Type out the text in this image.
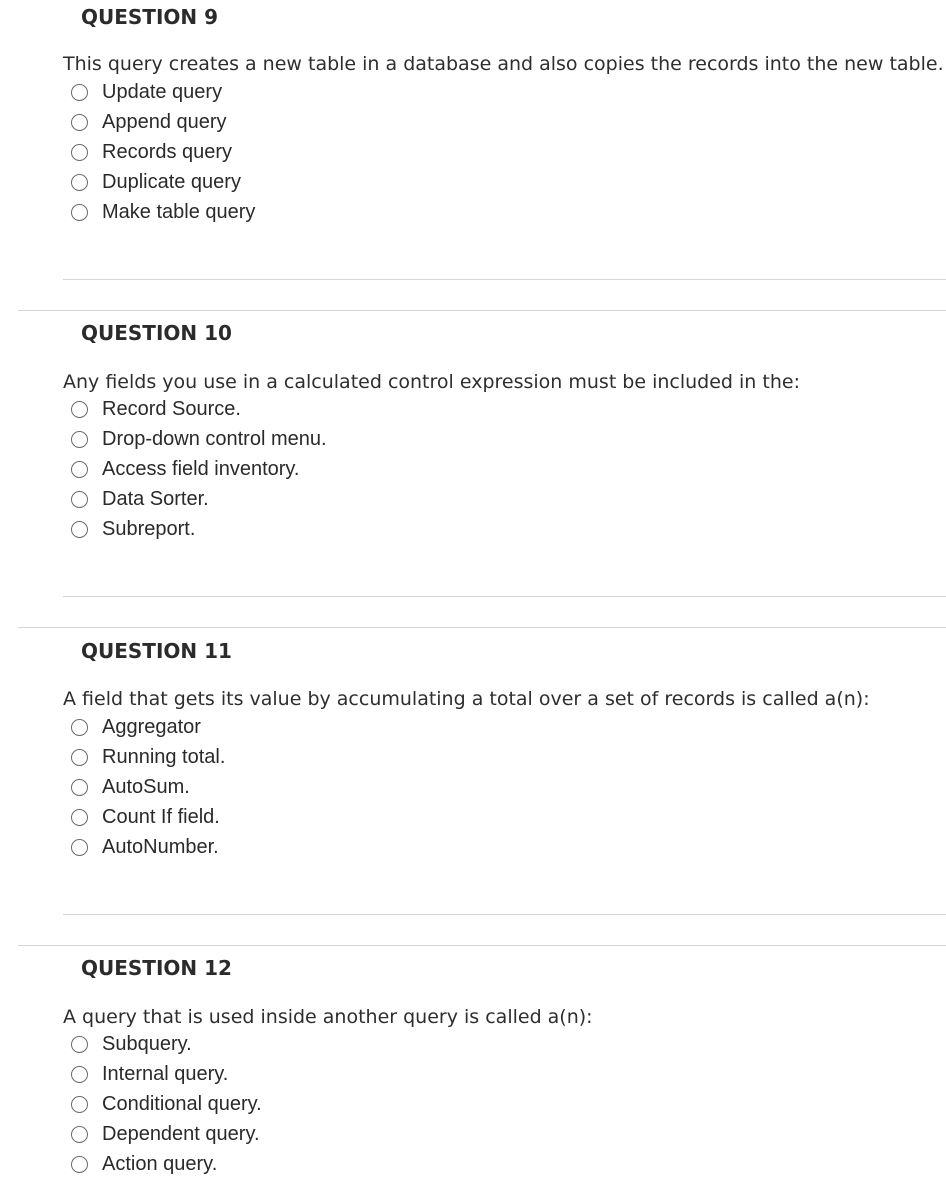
QUESTION 9
This query creates a new table in a database and also copies the records into the new table.
Update query
Append query
Records query
Duplicate query
Make table query
QUESTION 10
Any fields you use in a calculated control expression must be included in the:
Record Source.
Drop-down control menu.
Access field inventory.
Data Sorter.
Subreport.
QUESTION 11
A field that gets its value by accumulating a total over a set of records is called a(n):
Aggregator
Running total.
AutoSum.
Count If field.
AutoNumber.
QUESTION 12
A query that is used inside another query is called a(n):
Subquery.
Internal query.
Conditional query.
Dependent query.
Action query.
